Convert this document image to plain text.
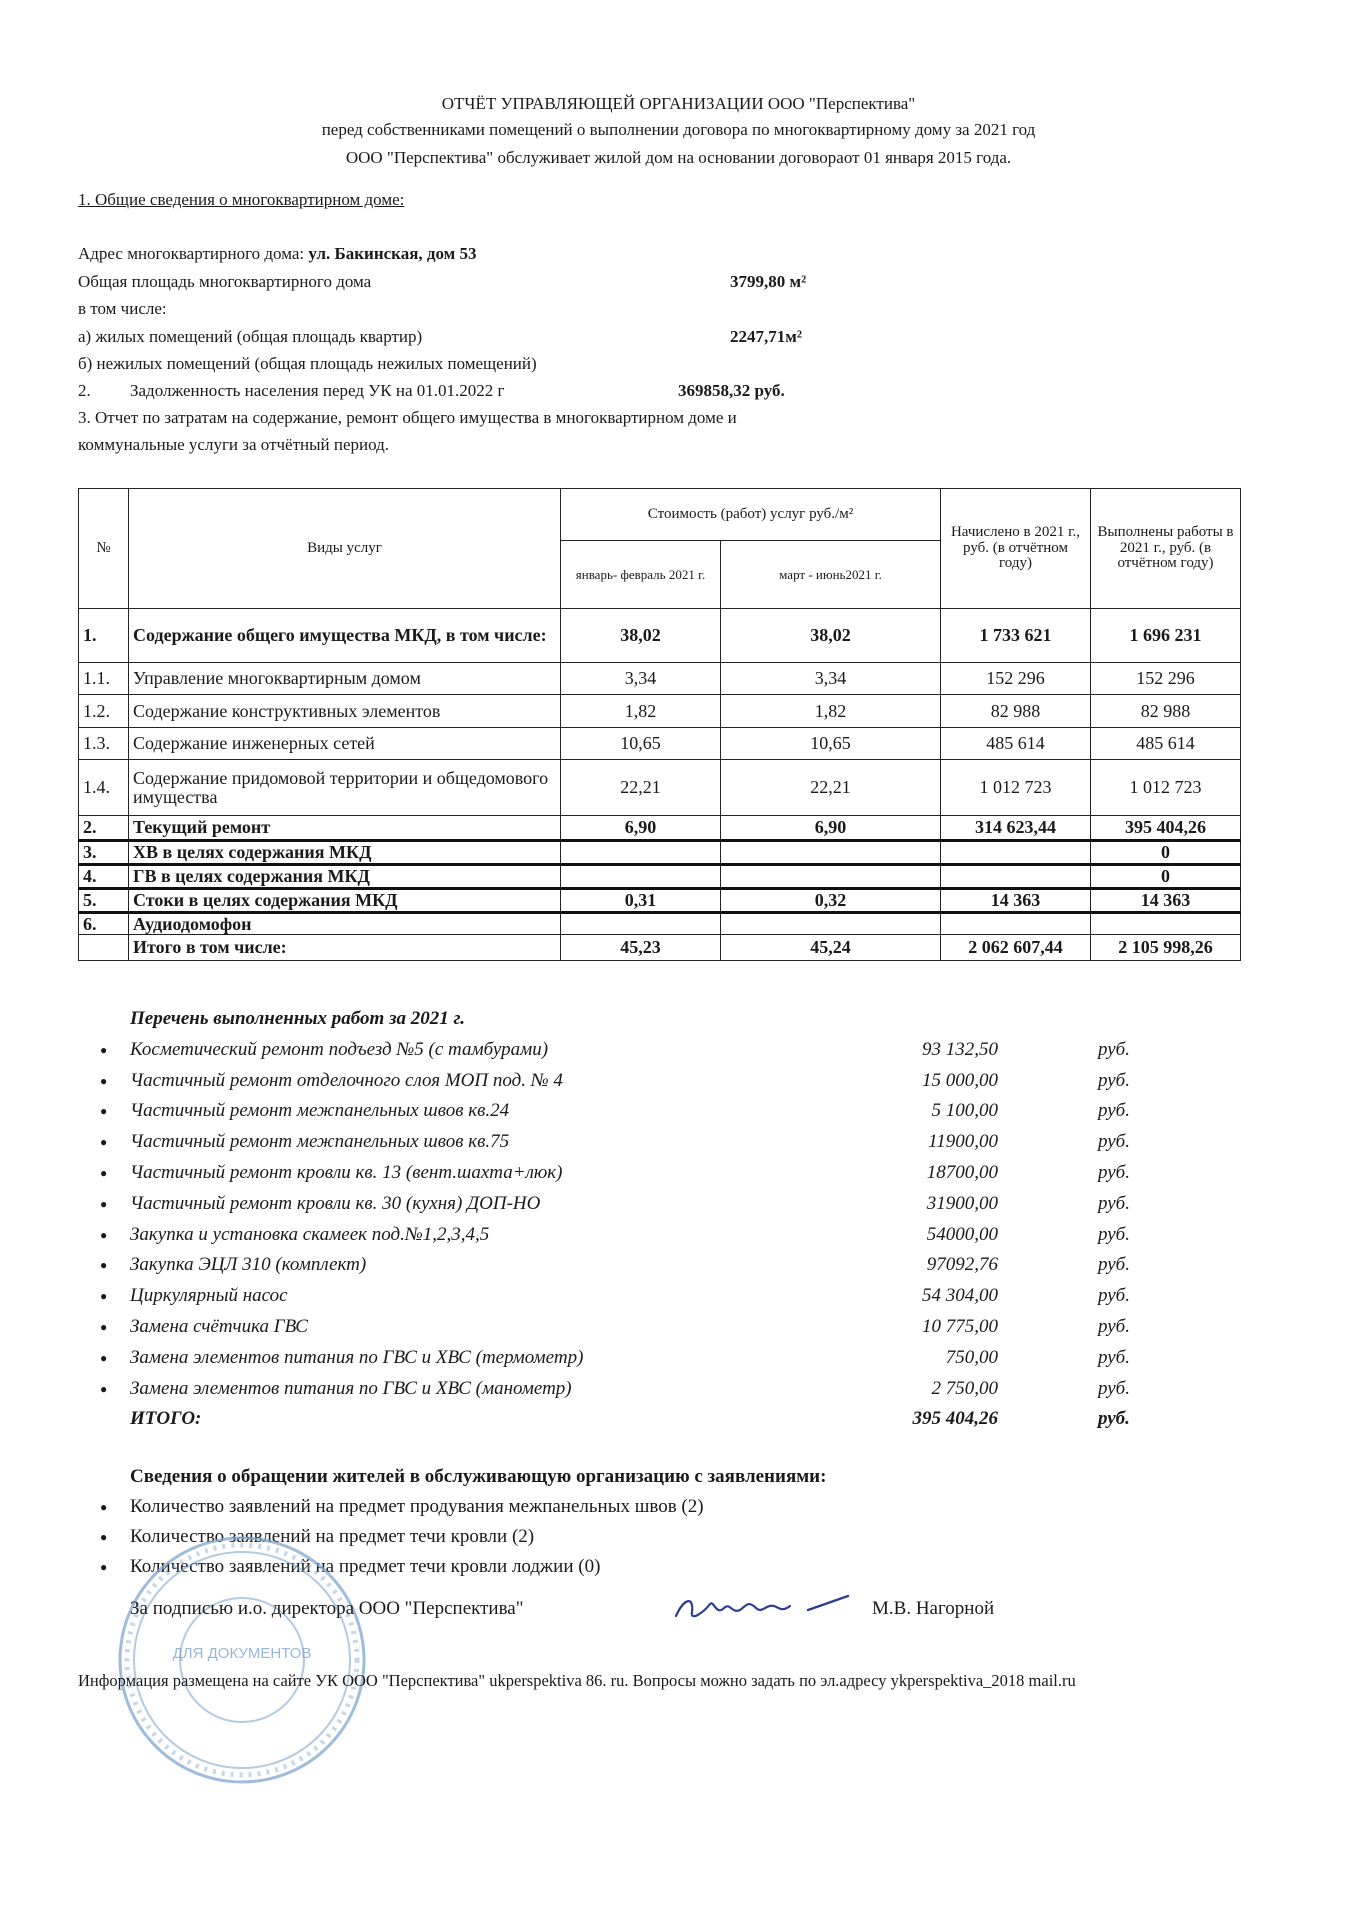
ОТЧЁТ УПРАВЛЯЮЩЕЙ ОРГАНИЗАЦИИ ООО "Перспектива"
перед собственниками помещений о выполнении договора по многоквартирному дому за 2021 год
ООО "Перспектива" обслуживает жилой дом на основании договораот 01 января 2015 года.
1. Общие сведения о многоквартирном доме:
Адрес многоквартирного дома: ул. Бакинская, дом 53
Общая площадь многоквартирного дома	3799,80 м²
в том числе:
а) жилых помещений (общая площадь квартир)	2247,71м²
б) нежилых помещений (общая площадь нежилых помещений)
2. Задолженность населения перед УК на 01.01.2022 г	369858,32 руб.
3. Отчет по затратам на содержание, ремонт общего имущества в многоквартирном доме и
коммунальные услуги за отчётный период.
№	Виды услуг	Стоимость (работ) услуг руб./м²		Начислено в 2021 г., руб. (в отчётном году)	Выполнены работы в 2021 г., руб. (в отчётном году)
		январь- февраль 2021 г.	март - июнь2021 г.		
1.	Содержание общего имущества МКД, в том числе:	38,02	38,02	1 733 621	1 696 231
1.1.	Управление многоквартирным домом	3,34	3,34	152 296	152 296
1.2.	Содержание конструктивных элементов	1,82	1,82	82 988	82 988
1.3.	Содержание инженерных сетей	10,65	10,65	485 614	485 614
1.4.	Содержание придомовой территории и общедомового имущества	22,21	22,21	1 012 723	1 012 723
2.	Текущий ремонт	6,90	6,90	314 623,44	395 404,26
3.	ХВ в целях содержания МКД				0
4.	ГВ в целях содержания МКД				0
5.	Стоки в целях содержания МКД	0,31	0,32	14 363	14 363
6.	Аудиодомофон				
	Итого в том числе:	45,23	45,24	2 062 607,44	2 105 998,26
Перечень выполненных работ за 2021 г.
● Косметический ремонт подъезд №5 (с тамбурами)	93 132,50	руб.
● Частичный ремонт отделочного слоя МОП под. № 4	15 000,00	руб.
● Частичный ремонт межпанельных швов кв.24	5 100,00	руб.
● Частичный ремонт межпанельных швов кв.75	11900,00	руб.
● Частичный ремонт кровли кв. 13 (вент.шахта+люк)	18700,00	руб.
● Частичный ремонт кровли кв. 30 (кухня) ДОП-НО	31900,00	руб.
● Закупка и установка скамеек под.№1,2,3,4,5	54000,00	руб.
● Закупка ЭЦЛ 310 (комплект)	97092,76	руб.
● Циркулярный насос	54 304,00	руб.
● Замена счётчика ГВС	10 775,00	руб.
● Замена элементов питания по ГВС и ХВС (термометр)	750,00	руб.
● Замена элементов питания по ГВС и ХВС (манометр)	2 750,00	руб.
ИТОГО:	395 404,26	руб.
Сведения о обращении жителей в обслуживающую организацию с заявлениями:
● Количество заявлений на предмет продувания межпанельных швов (2)
● Количество заявлений на предмет течи кровли (2)
● Количество заявлений на предмет течи кровли лоджии (0)
ДЛЯ ДОКУМЕНТОВ
За подписью и.о. директора ООО "Перспектива"	М.В. Нагорной
Информация размещена на сайте УК ООО "Перспектива" ukperspektiva 86. ru. Вопросы можно задать по эл.адресу ykperspektiva_2018 mail.ru
